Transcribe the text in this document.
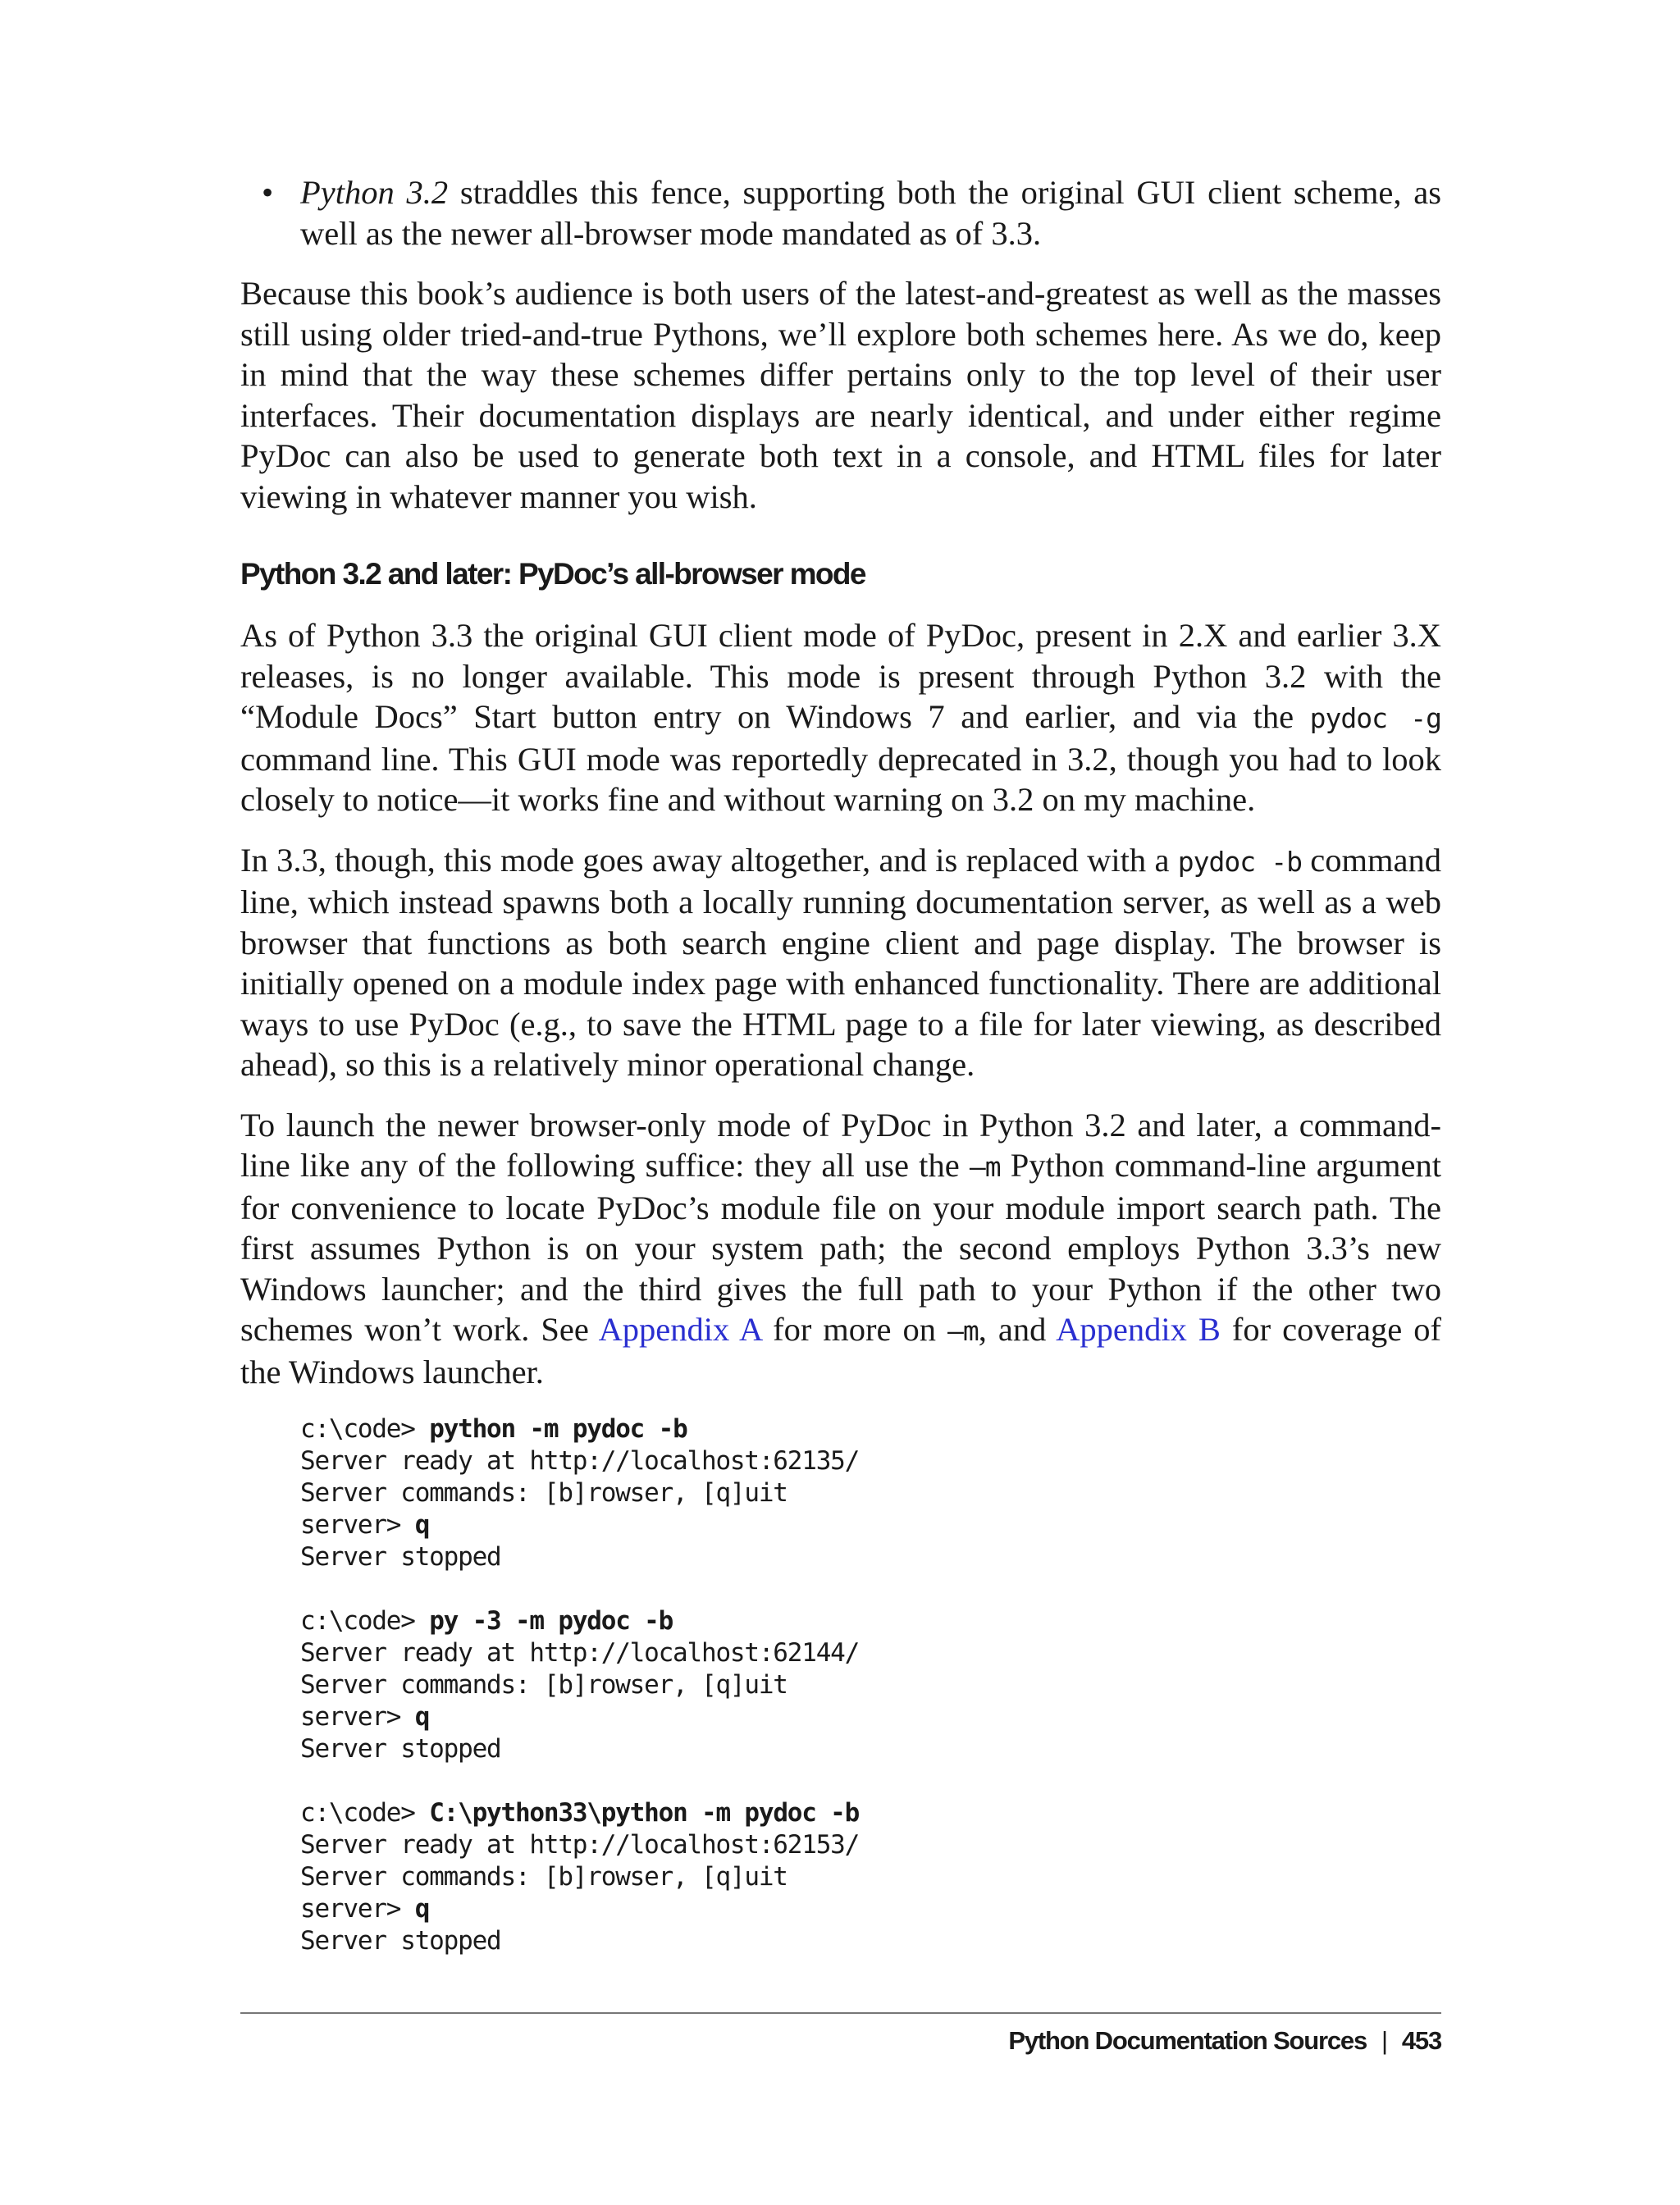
• Python 3.2 straddles this fence, supporting both the original GUI client scheme, as well as the newer all-browser mode mandated as of 3.3.

Because this book’s audience is both users of the latest-and-greatest as well as the masses still using older tried-and-true Pythons, we’ll explore both schemes here. As we do, keep in mind that the way these schemes differ pertains only to the top level of their user interfaces. Their documentation displays are nearly identical, and under either regime PyDoc can also be used to generate both text in a console, and HTML files for later viewing in whatever manner you wish.

Python 3.2 and later: PyDoc’s all-browser mode

As of Python 3.3 the original GUI client mode of PyDoc, present in 2.X and earlier 3.X releases, is no longer available. This mode is present through Python 3.2 with the “Module Docs” Start button entry on Windows 7 and earlier, and via the pydoc -g command line. This GUI mode was reportedly deprecated in 3.2, though you had to look closely to notice—it works fine and without warning on 3.2 on my machine.

In 3.3, though, this mode goes away altogether, and is replaced with a pydoc -b command line, which instead spawns both a locally running documentation server, as well as a web browser that functions as both search engine client and page display. The browser is initially opened on a module index page with enhanced functionality. There are additional ways to use PyDoc (e.g., to save the HTML page to a file for later viewing, as described ahead), so this is a relatively minor operational change.

To launch the newer browser-only mode of PyDoc in Python 3.2 and later, a command-line like any of the following suffice: they all use the –m Python command-line argument for convenience to locate PyDoc’s module file on your module import search path. The first assumes Python is on your system path; the second employs Python 3.3’s new Windows launcher; and the third gives the full path to your Python if the other two schemes won’t work. See Appendix A for more on –m, and Appendix B for coverage of the Windows launcher.

c:\code> python -m pydoc -b
Server ready at http://localhost:62135/
Server commands: [b]rowser, [q]uit
server> q
Server stopped
c:\code> py -3 -m pydoc -b
Server ready at http://localhost:62144/
Server commands: [b]rowser, [q]uit
server> q
Server stopped
c:\code> C:\python33\python -m pydoc -b
Server ready at http://localhost:62153/
Server commands: [b]rowser, [q]uit
server> q
Server stopped
Python Documentation Sources | 453
